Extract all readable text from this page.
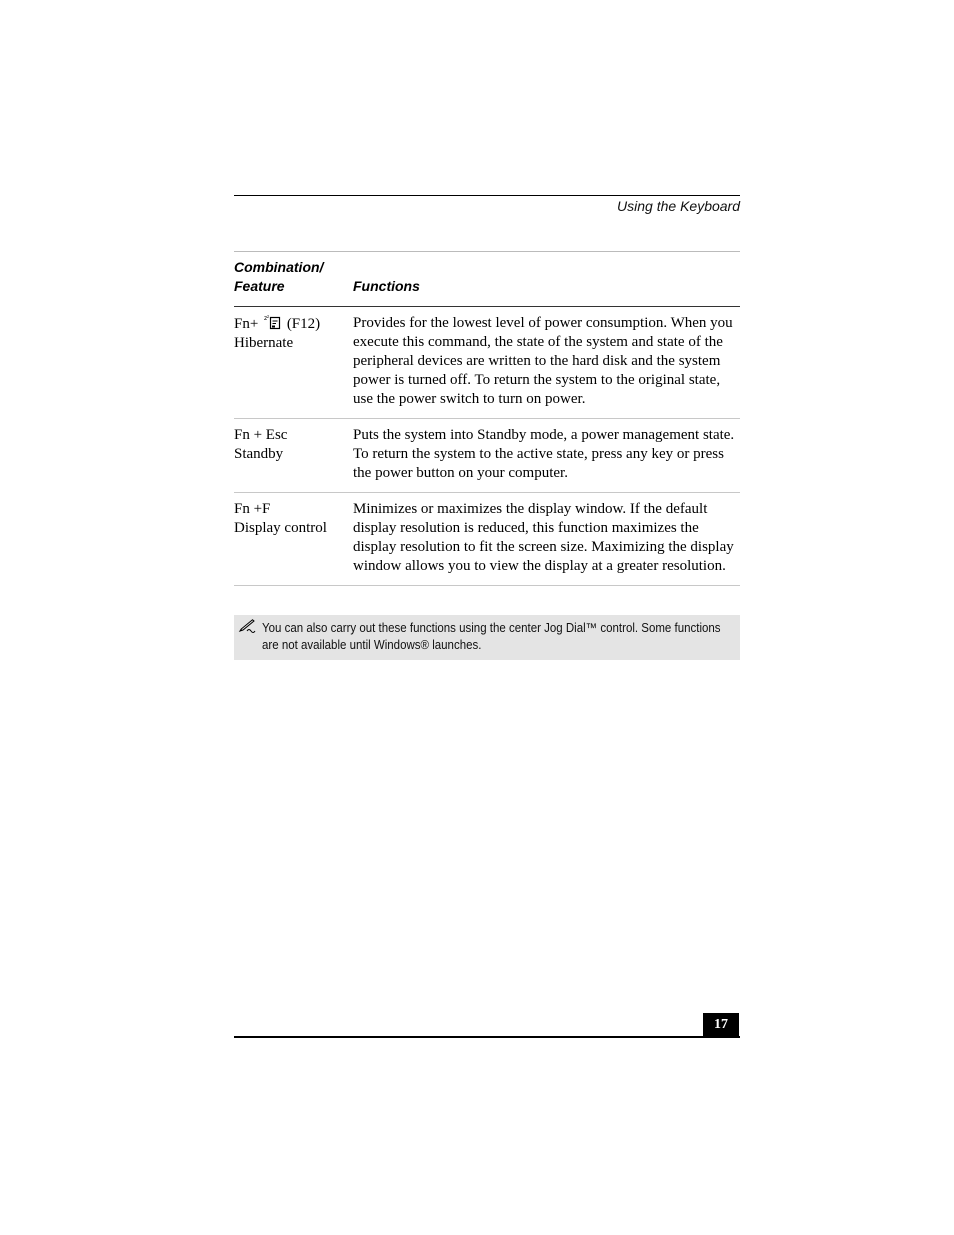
Using the Keyboard
Combination/
Feature	Functions
Fn+ z z (F12)
Hibernate
Provides for the lowest level of power consumption. When you execute this command, the state of the system and state of the peripheral devices are written to the hard disk and the system power is turned off. To return the system to the original state, use the power switch to turn on power.
Fn + Esc
Standby
Puts the system into Standby mode, a power management state. To return the system to the active state, press any key or press the power button on your computer.
Fn +F
Display control
Minimizes or maximizes the display window. If the default display resolution is reduced, this function maximizes the display resolution to fit the screen size. Maximizing the display window allows you to view the display at a greater resolution.
You can also carry out these functions using the center Jog Dial™ control. Some functions are not available until Windows® launches.
17
